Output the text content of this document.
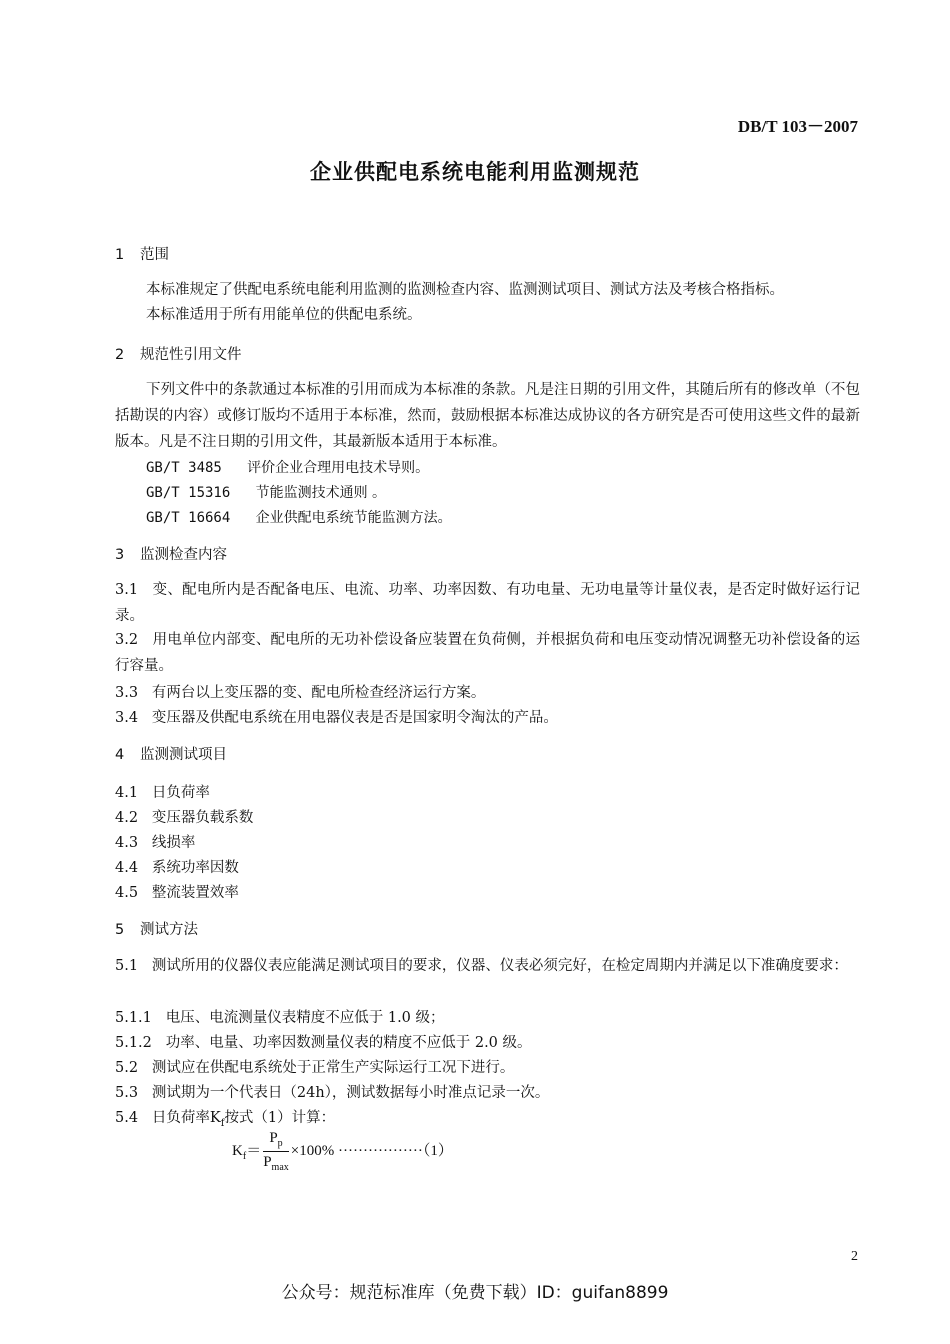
DB/T 103－2007
企业供配电系统电能利用监测规范
1 范围
本标准规定了供配电系统电能利用监测的监测检查内容、监测测试项目、测试方法及考核合格指标。
本标准适用于所有用能单位的供配电系统。
2 规范性引用文件
下列文件中的条款通过本标准的引用而成为本标准的条款。凡是注日期的引用文件，其随后所有的修改单（不包括勘误的内容）或修订版均不适用于本标准，然而，鼓励根据本标准达成协议的各方研究是否可使用这些文件的最新版本。凡是不注日期的引用文件，其最新版本适用于本标准。
GB/T 3485 评价企业合理用电技术导则。
GB/T 15316 节能监测技术通则 。
GB/T 16664 企业供配电系统节能监测方法。
3 监测检查内容
3.1 变、配电所内是否配备电压、电流、功率、功率因数、有功电量、无功电量等计量仪表，是否定时做好运行记录。
3.2 用电单位内部变、配电所的无功补偿设备应装置在负荷侧，并根据负荷和电压变动情况调整无功补偿设备的运行容量。
3.3 有两台以上变压器的变、配电所检查经济运行方案。
3.4 变压器及供配电系统在用电器仪表是否是国家明令淘汰的产品。
4 监测测试项目
4.1 日负荷率
4.2 变压器负载系数
4.3 线损率
4.4 系统功率因数
4.5 整流装置效率
5 测试方法
5.1 测试所用的仪器仪表应能满足测试项目的要求，仪器、仪表必须完好，在检定周期内并满足以下准确度要求：
5.1.1 电压、电流测量仪表精度不应低于 1.0 级；
5.1.2 功率、电量、功率因数测量仪表的精度不应低于 2.0 级。
5.2 测试应在供配电系统处于正常生产实际运行工况下进行。
5.3 测试期为一个代表日（24h），测试数据每小时准点记录一次。
5.4 日负荷率$K_f$按式（1）计算：
$K_f= \frac{P_p}{P_{max}} \times 100\% \cdot\cdot\cdot\cdot\cdot\cdot\cdot\cdot\cdot\cdot\cdot\cdot\cdot\cdot\cdot\cdot\cdot(1)$
2
公众号：规范标准库（免费下载）ID：guifan8899
